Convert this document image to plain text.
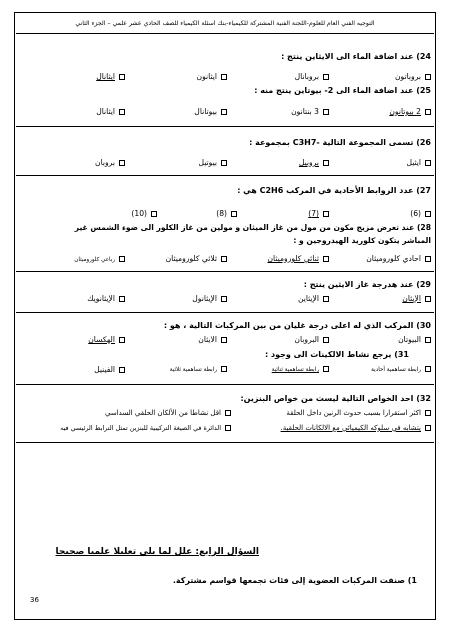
التوجيه الفني العام للعلوم-اللجنة الفنية المشتركة للكيمياء-بنك أسئلة الكيمياء للصف الحادي عشر علمي – الجزء الثاني
24) عند اضافة الماء الى الايثاين ينتج :
بروباتون
بروبانال
ايثانون
ايثانال
25) عند اضافة الماء الى 2- بيوتاين ينتج منه :
2 بيوتانون
3 بنتانون
بيوتانال
ايثانال
26) تسمى المجموعة التالية -C3H7 بمجموعة :
ايثيل
بروبيل
بيوتيل
بروبان
27) عدد الروابط الأحادية في المركب C2H6 هي :
(6)
(7)
(8)
(10)
28) عند تعرض مزيج مكون من مول من غاز الميثان و مولين من غاز الكلور الى ضوء الشمس غير
المباشر يتكون كلوريد الهيدروجين و :
احادي كلوروميثان
ثنائي كلوروميثان
ثلاثي كلوروميثان
رباعي كلوروميثان
29) عند هدرجة غاز الايثين ينتج :
الإيثان
الإيثاين
الإيثانول
الإيثانويك
30) المركب الذي له اعلى درجة غليان من بين المركبات التالية ، هو :
البيوتان
البروبان
الايثان
الهكسان
31) يرجع نشاط الالكينات الى وجود :
رابطة تساهمية أحادية
رابطة تساهمية ثنائية
رابطة تساهمية ثلاثية
الفينيل
32) احد الخواص التالية ليست من خواص البنزين:
اكثر استقرارا بسبب حدوث الرنين داخل الحلقة
اقل نشاطا من الألكان الحلقي السداسي
يتشابه في سلوكه الكيميائي مع الالكانات الحلقية.
الدائرة في الصيغة التركيبية للبنزين تمثل الترابط الرئيسي فيه
السؤال الرابع: علل لما يلي تعليلا علميا صحيحا
1) صنفت المركبات العضوية إلى فئات تجمعها قواسم مشتركة.
36
